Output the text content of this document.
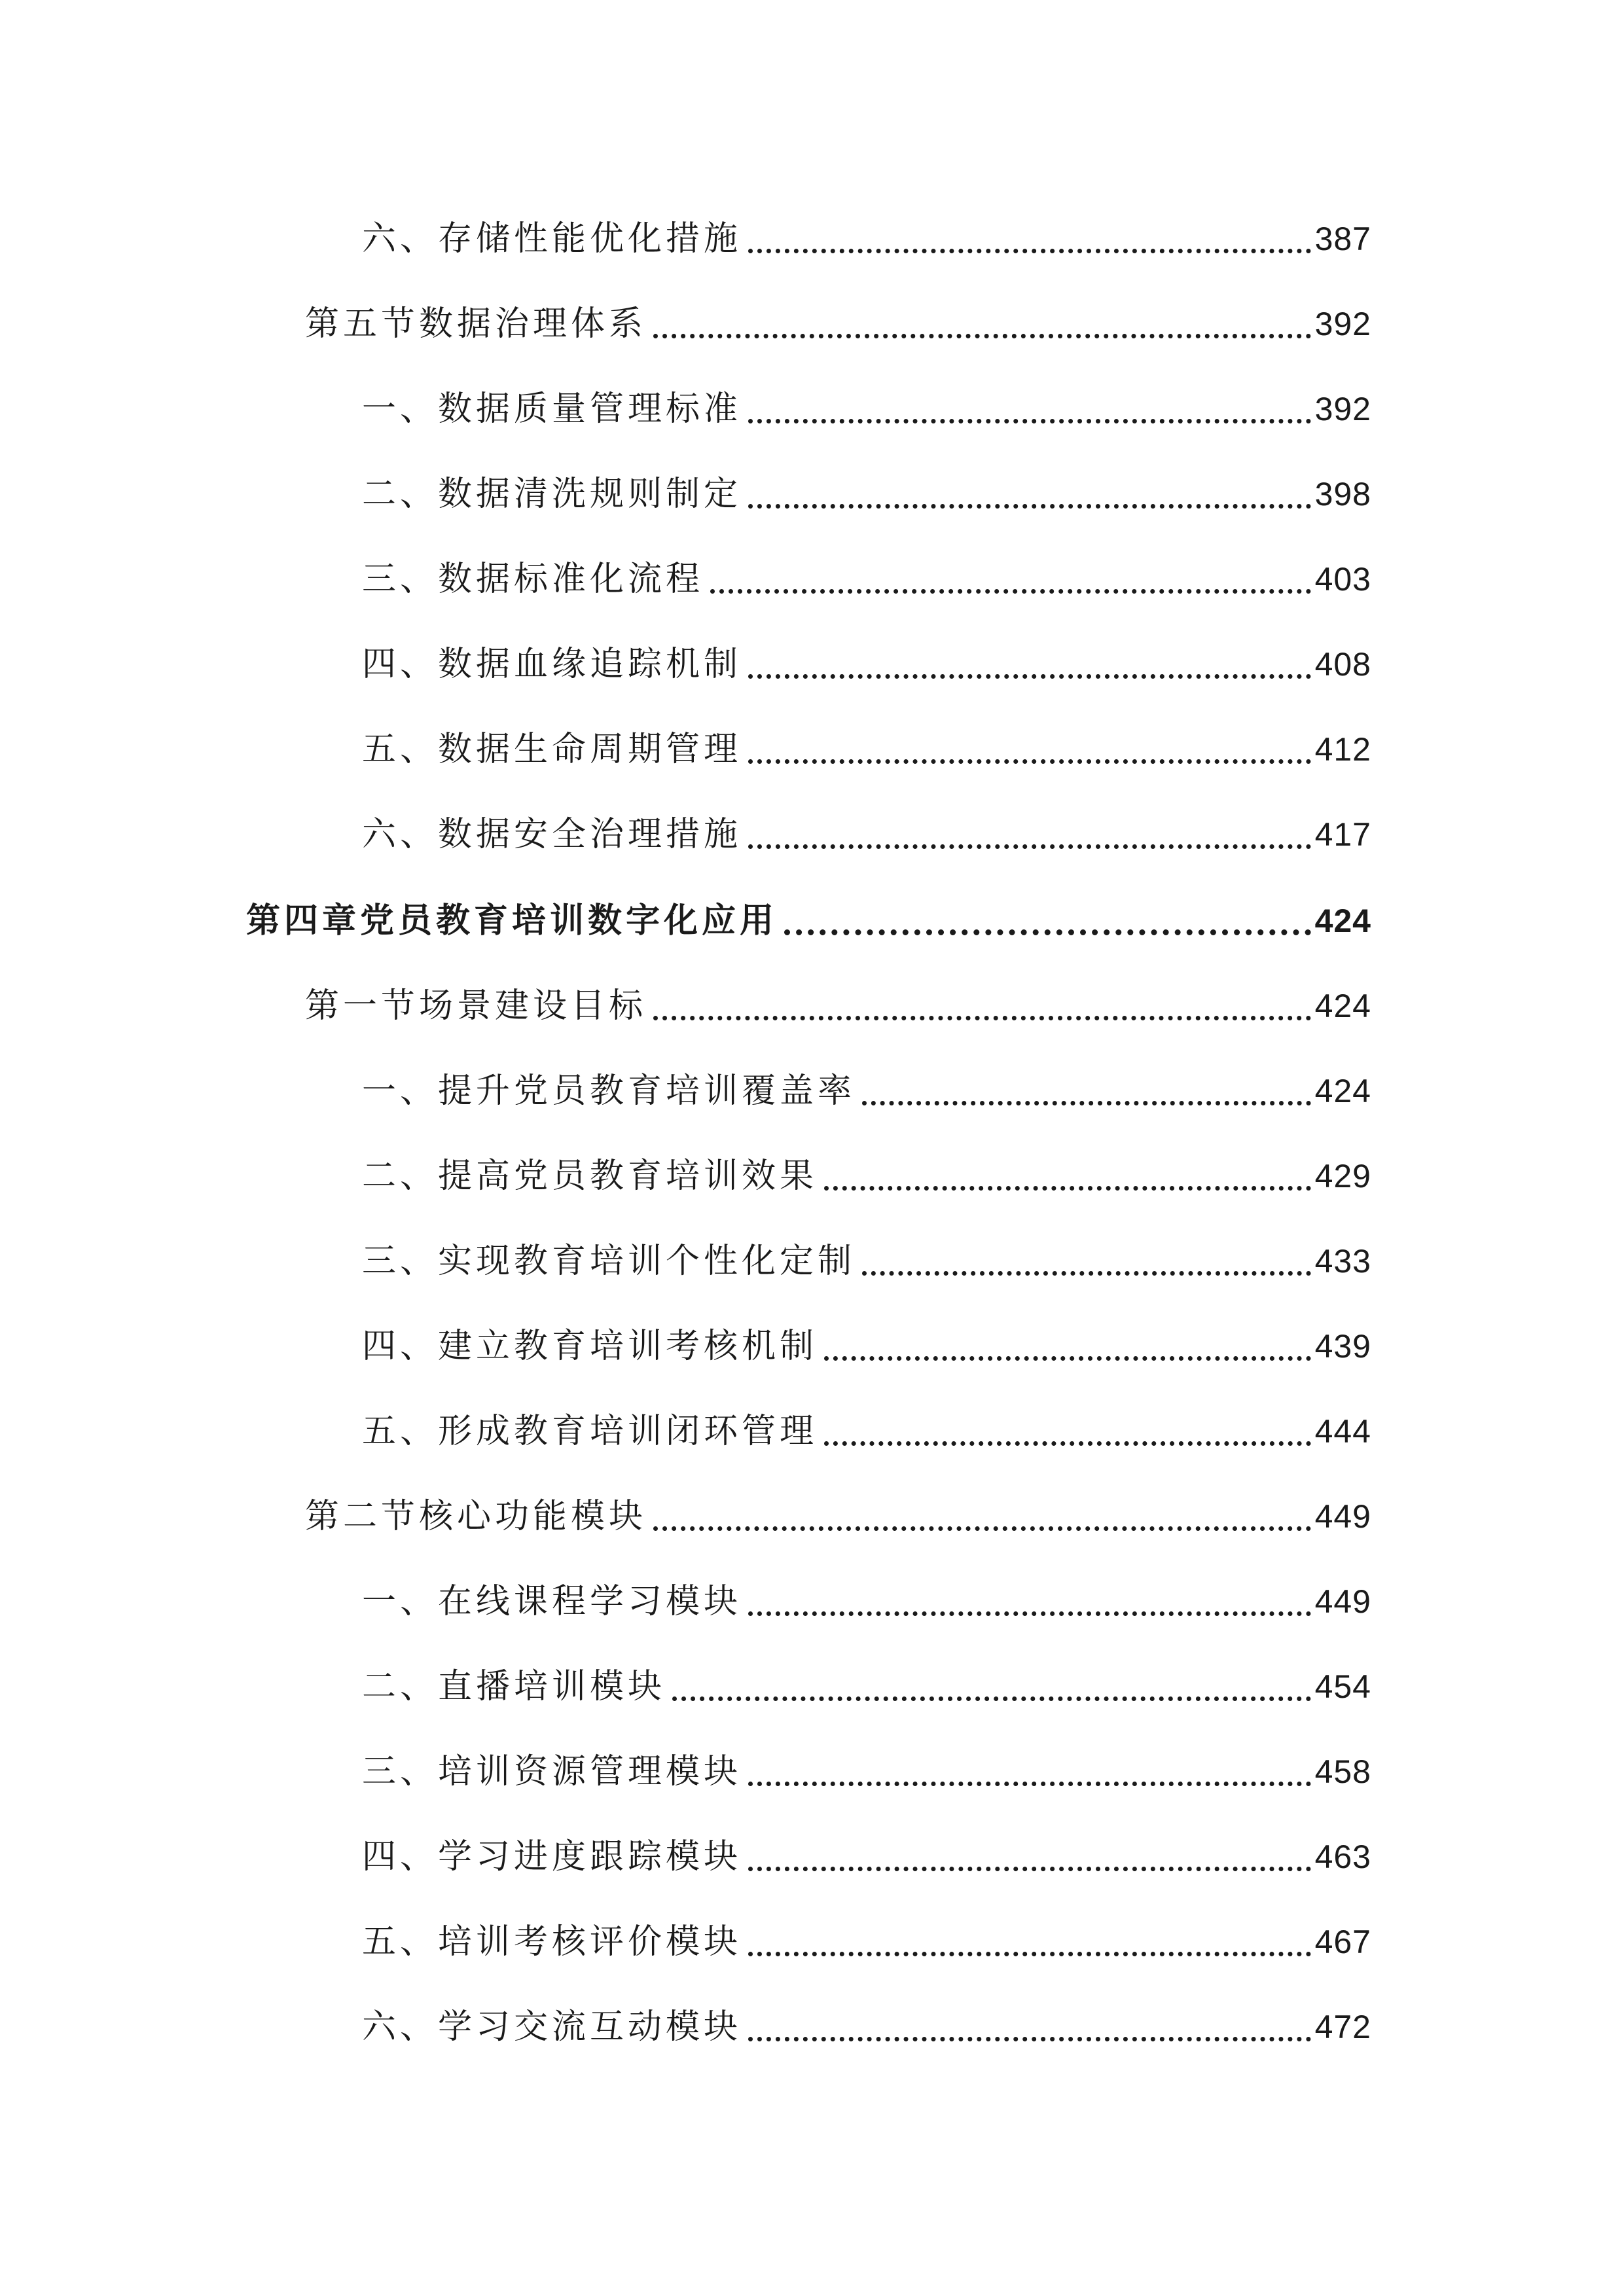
六、存储性能优化措施	387
第五节数据治理体系	392
一、数据质量管理标准	392
二、数据清洗规则制定	398
三、数据标准化流程	403
四、数据血缘追踪机制	408
五、数据生命周期管理	412
六、数据安全治理措施	417
第四章党员教育培训数字化应用	424
第一节场景建设目标	424
一、提升党员教育培训覆盖率	424
二、提高党员教育培训效果	429
三、实现教育培训个性化定制	433
四、建立教育培训考核机制	439
五、形成教育培训闭环管理	444
第二节核心功能模块	449
一、在线课程学习模块	449
二、直播培训模块	454
三、培训资源管理模块	458
四、学习进度跟踪模块	463
五、培训考核评价模块	467
六、学习交流互动模块	472
